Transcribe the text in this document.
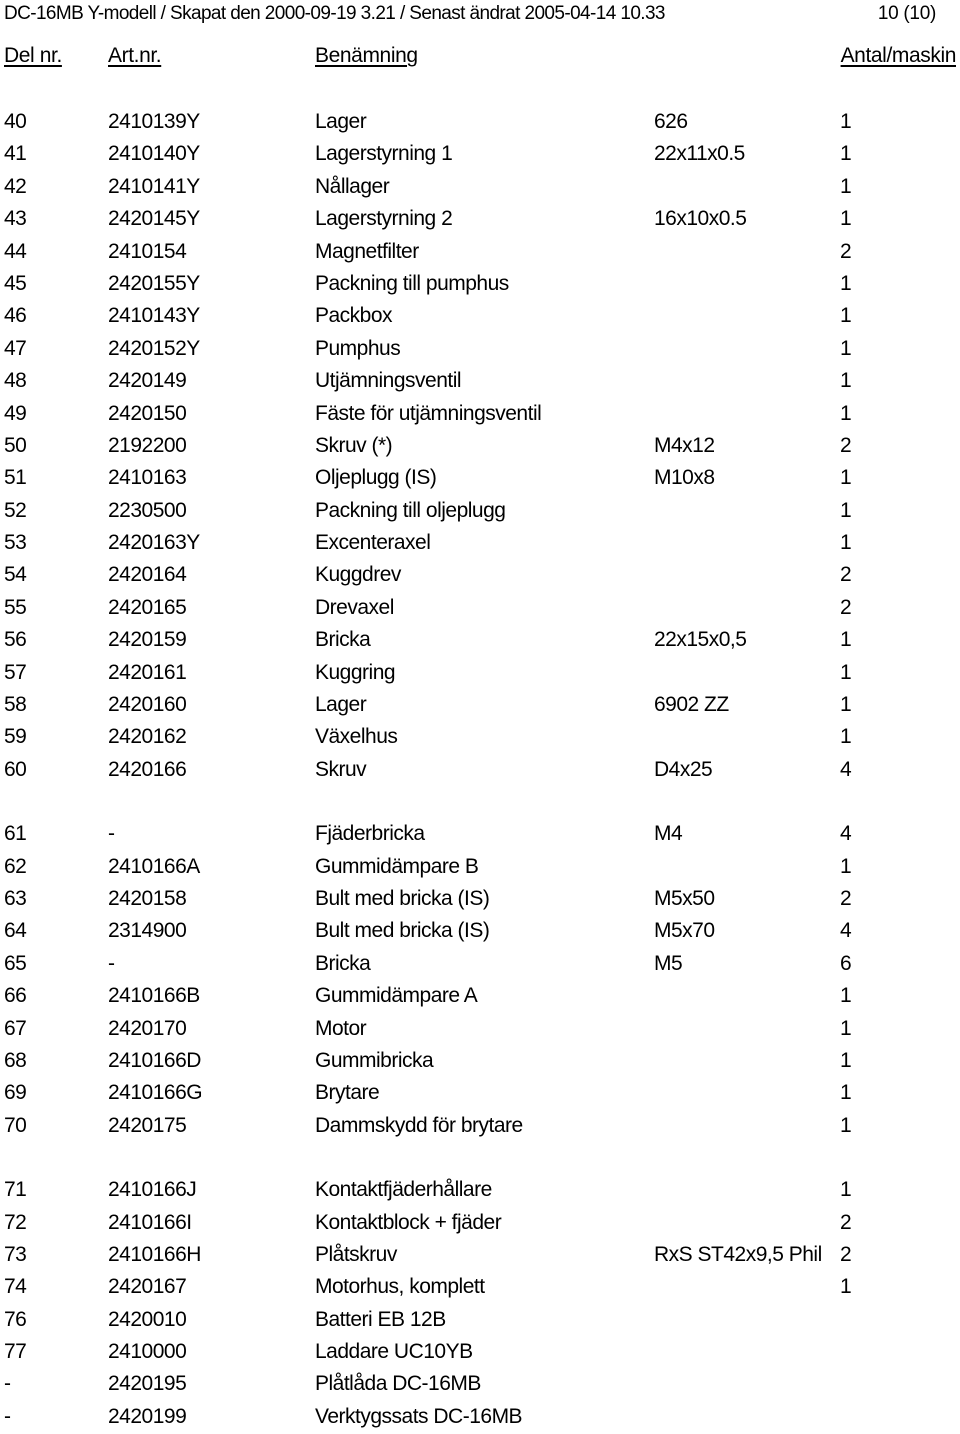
DC-16MB Y-modell / Skapat den 2000-09-19 3.21 / Senast ändrat 2005-04-14 10.33	10 (10)
Del nr. Art.nr.	Benämning	Antal/maskin
40	2410139Y	Lager	626	1
41	2410140Y	Lagerstyrning 1	22x11x0.5	1
42	2410141Y	Nållager	1
43	2420145Y	Lagerstyrning 2	16x10x0.5	1
44	2410154	Magnetfilter	2
45	2420155Y	Packning till pumphus	1
46	2410143Y	Packbox	1
47	2420152Y	Pumphus	1
48	2420149	Utjämningsventil	1
49	2420150	Fäste för utjämningsventil	1
50	2192200	Skruv (*)	M4x12	2
51	2410163	Oljeplugg (IS)	M10x8	1
52	2230500	Packning till oljeplugg	1
53	2420163Y	Excenteraxel	1
54	2420164	Kuggdrev	2
55	2420165	Drevaxel	2
56	2420159	Bricka	22x15x0,5	1
57	2420161	Kuggring	1
58	2420160	Lager	6902 ZZ	1
59	2420162	Växelhus	1
60	2420166	Skruv	D4x25	4
61	-	Fjäderbricka	M4	4
62	2410166A	Gummidämpare B	1
63	2420158	Bult med bricka (IS)	M5x50	2
64	2314900	Bult med bricka (IS)	M5x70	4
65	-	Bricka	M5	6
66	2410166B	Gummidämpare A	1
67	2420170	Motor	1
68	2410166D	Gummibricka	1
69	2410166G	Brytare	1
70	2420175	Dammskydd för brytare	1
71	2410166J	Kontaktfjäderhållare	1
72	2410166I	Kontaktblock + fjäder	2
73	2410166H	Plåtskruv	RxS ST42x9,5 Phil 2
74	2420167	Motorhus, komplett	1
76	2420010	Batteri EB 12B
77	2410000	Laddare UC10YB
-	2420195	Plåtlåda DC-16MB
-	2420199	Verktygssats DC-16MB
